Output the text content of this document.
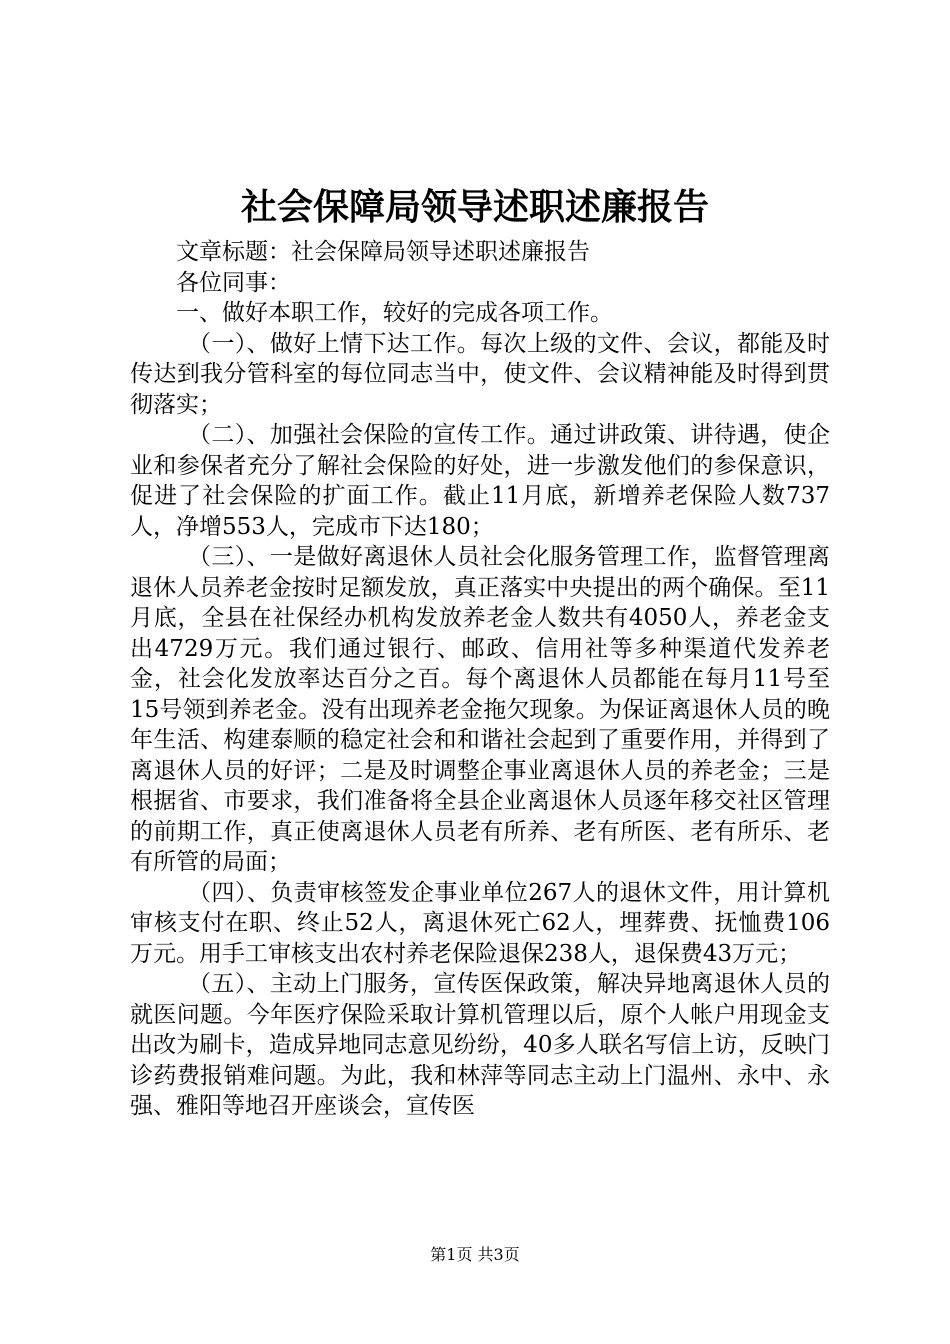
社会保障局领导述职述廉报告

文章标题：社会保障局领导述职述廉报告

各位同事：

一、做好本职工作，较好的完成各项工作。

（一）、做好上情下达工作。每次上级的文件、会议，都能及时传达到我分管科室的每位同志当中，使文件、会议精神能及时得到贯彻落实；

（二）、加强社会保险的宣传工作。通过讲政策、讲待遇，使企业和参保者充分了解社会保险的好处，进一步激发他们的参保意识，促进了社会保险的扩面工作。截止11月底，新增养老保险人数737人，净增553人，完成市下达180；

（三）、一是做好离退休人员社会化服务管理工作，监督管理离退休人员养老金按时足额发放，真正落实中央提出的两个确保。至11月底，全县在社保经办机构发放养老金人数共有4050人，养老金支出4729万元。我们通过银行、邮政、信用社等多种渠道代发养老金，社会化发放率达百分之百。每个离退休人员都能在每月11号至15号领到养老金。没有出现养老金拖欠现象。为保证离退休人员的晚年生活、构建泰顺的稳定社会和和谐社会起到了重要作用，并得到了离退休人员的好评；二是及时调整企事业离退休人员的养老金；三是根据省、市要求，我们准备将全县企业离退休人员逐年移交社区管理的前期工作，真正使离退休人员老有所养、老有所医、老有所乐、老有所管的局面；

（四）、负责审核签发企事业单位267人的退休文件，用计算机审核支付在职、终止52人，离退休死亡62人，埋葬费、抚恤费106万元。用手工审核支出农村养老保险退保238人，退保费43万元；

（五）、主动上门服务，宣传医保政策，解决异地离退休人员的就医问题。今年医疗保险采取计算机管理以后，原个人帐户用现金支出改为刷卡，造成异地同志意见纷纷，40多人联名写信上访，反映门诊药费报销难问题。为此，我和林萍等同志主动上门温州、永中、永强、雅阳等地召开座谈会，宣传医

第1页 共3页
